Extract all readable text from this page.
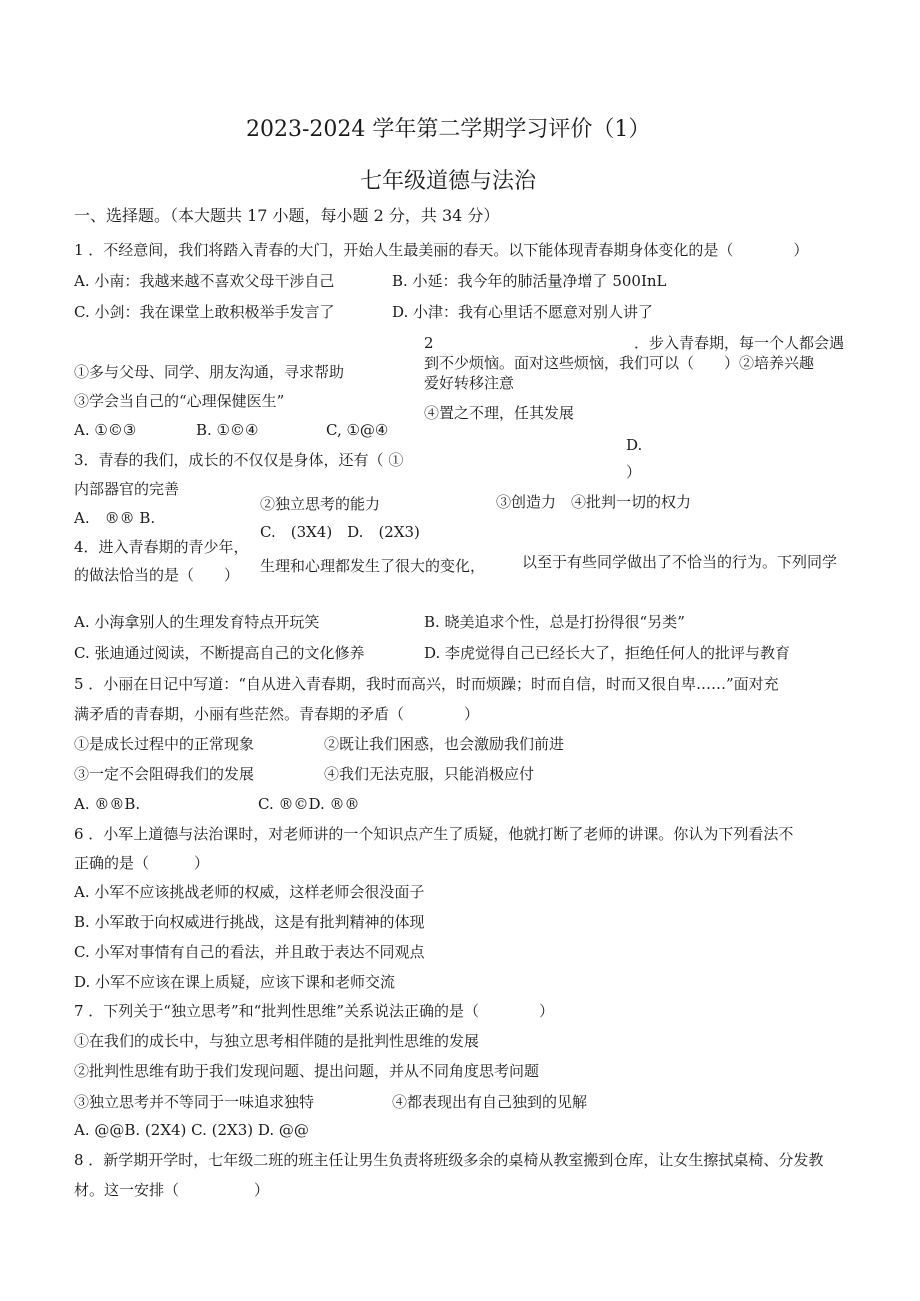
2023-2024 学年第二学期学习评价（1）
七年级道德与法治
一、选择题。（本大题共 17 小题，每小题 2 分，共 34 分）
1 ．不经意间，我们将踏入青春的大门，开始人生最美丽的春天。以下能体现青春期身体变化的是（　　　　）
A. 小南：我越来越不喜欢父母干涉自己	B. 小延：我今年的肺活量净增了 500InL
C. 小剑：我在课堂上敢积极举手发言了	D. 小津：我有心里话不愿意对别人讲了
2	．步入青春期，每一个人都会遇
到不少烦恼。面对这些烦恼，我们可以（　　）②培养兴趣
爱好转移注意
①多与父母、同学、朋友沟通，寻求帮助
③学会当自己的“心理保健医生”
④置之不理，任其发展
A. ①©③	B. ①©④	C, ①@④
D.
3．青春的我们，成长的不仅仅是身体，还有（ ①
）
内部器官的完善
②独立思考的能力	③创造力　④批判一切的权力
A.　®® B.
C.　(3X4)　D.　(2X3)
4．进入青春期的青少年，
生理和心理都发生了很大的变化， 以至于有些同学做出了不恰当的行为。下列同学
的做法恰当的是（　　）
A. 小海拿别人的生理发育特点开玩笑	B. 晓美追求个性，总是打扮得很“另类”
C. 张迪通过阅读，不断提高自己的文化修养	D. 李虎觉得自己已经长大了，拒绝任何人的批评与教育
5 ．小丽在日记中写道：“自从进入青春期，我时而高兴，时而烦躁；时而自信，时而又很自卑……”面对充
满矛盾的青春期，小丽有些茫然。青春期的矛盾（　　　　）
①是成长过程中的正常现象	②既让我们困惑，也会激励我们前进
③一定不会阻碍我们的发展	④我们无法克服，只能消极应付
A. ®®B.	C. ®©D. ®®
6 ．小军上道德与法治课时，对老师讲的一个知识点产生了质疑，他就打断了老师的讲课。你认为下列看法不
正确的是（　　　）
A. 小军不应该挑战老师的权威，这样老师会很没面子
B. 小军敢于向权威进行挑战，这是有批判精神的体现
C. 小军对事情有自己的看法，并且敢于表达不同观点
D. 小军不应该在课上质疑，应该下课和老师交流
7 ．下列关于“独立思考”和“批判性思维”关系说法正确的是（　　　　）
①在我们的成长中，与独立思考相伴随的是批判性思维的发展
②批判性思维有助于我们发现问题、提出问题，并从不同角度思考问题
③独立思考并不等同于一味追求独特	④都表现出有自己独到的见解
A. @@B. (2X4) C. (2X3) D. @@
8 ．新学期开学时，七年级二班的班主任让男生负责将班级多余的桌椅从教室搬到仓库，让女生擦拭桌椅、分发教
材。这一安排（　　　　　）
